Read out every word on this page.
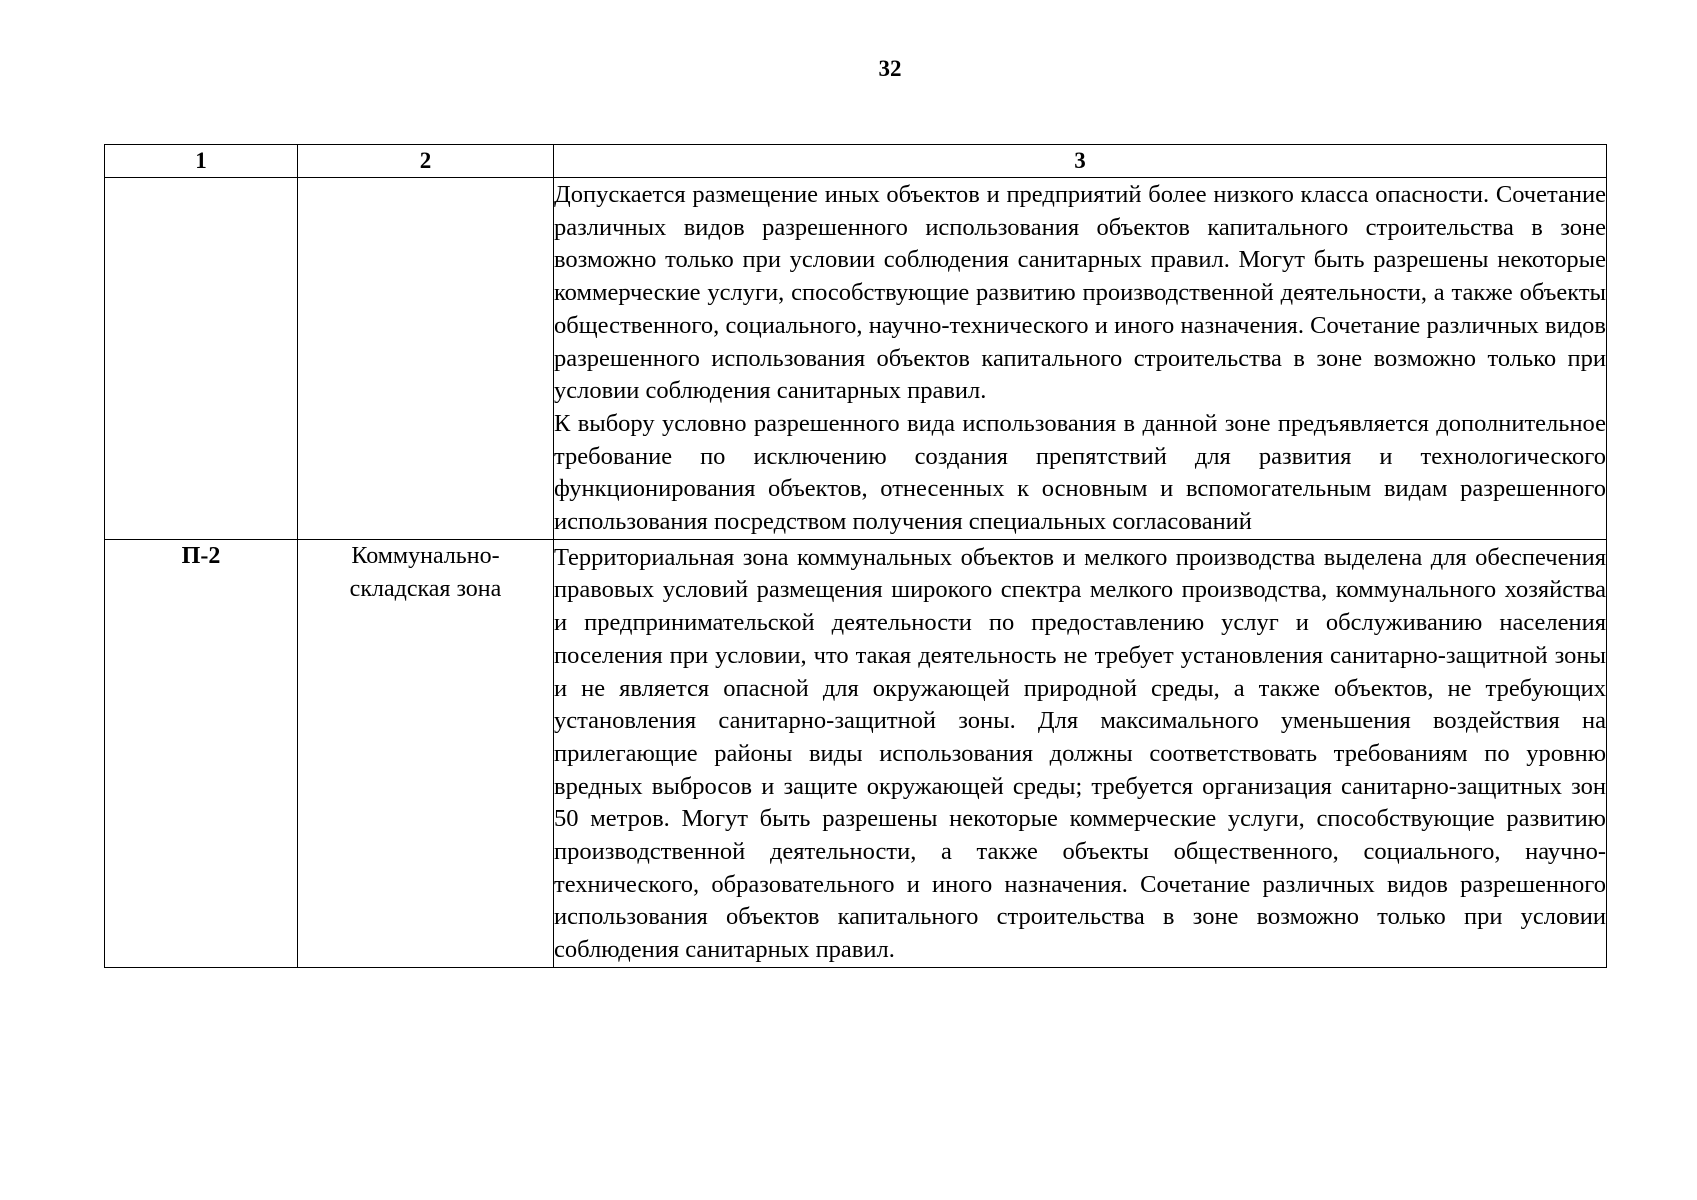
32
1	2	3

		Допускается размещение иных объектов и предприятий более низкого класса опасности. Сочетание различных видов разрешенного использования объектов капитального строительства в зоне возможно только при условии соблюдения санитарных правил. Могут быть разрешены некоторые коммерческие услуги, способствующие развитию производственной деятельности, а также объекты общественного, социального, научно-технического и иного назначения. Сочетание различных видов разрешенного использования объектов капитального строительства в зоне возможно только при условии соблюдения санитарных правил.

К выбору условно разрешенного вида использования в данной зоне предъявляется дополнительное требование по исключению создания препятствий для развития и технологического функционирования объектов, отнесенных к основным и вспомогательным видам разрешенного использования посредством получения специальных согласований

П-2	Коммунально-
складская зона	Территориальная зона коммунальных объектов и мелкого производства выделена для обеспечения правовых условий размещения широкого спектра мелкого производства, коммунального хозяйства и предпринимательской деятельности по предоставлению услуг и обслуживанию населения поселения при условии, что такая деятельность не требует установления санитарно-защитной зоны и не является опасной для окружающей природной среды, а также объектов, не требующих установления санитарно-защитной зоны. Для максимального уменьшения воздействия на прилегающие районы виды использования должны соответствовать требованиям по уровню вредных выбросов и защите окружающей среды; требуется организация санитарно-защитных зон 50 метров. Могут быть разрешены некоторые коммерческие услуги, способствующие развитию производственной деятельности, а также объекты общественного, социального, научно-технического, образовательного и иного назначения. Сочетание различных видов разрешенного использования объектов капитального строительства в зоне возможно только при условии соблюдения санитарных правил.
